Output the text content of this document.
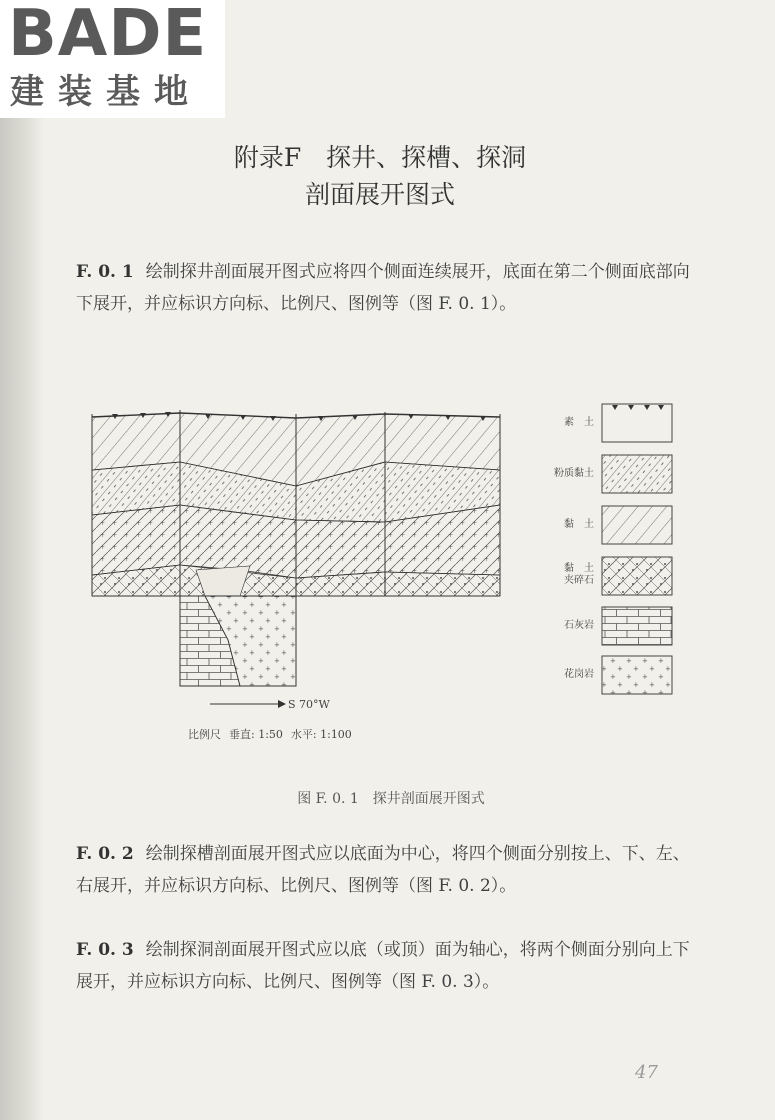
BADE
建装基地
附录F　探井、探槽、探洞
剖面展开图式
F. 0. 1 绘制探井剖面展开图式应将四个侧面连续展开，底面在第二个侧面底部向下展开，并应标识方向标、比例尺、图例等（图 F. 0. 1）。
素　土
粉质黏土
黏　土
黏　土
夹碎石
石灰岩
花岗岩
S 70°W
比例尺 垂直: 1:50 水平: 1:100
图 F. 0. 1　探井剖面展开图式
F. 0. 2 绘制探槽剖面展开图式应以底面为中心，将四个侧面分别按上、下、左、右展开，并应标识方向标、比例尺、图例等（图 F. 0. 2）。
F. 0. 3 绘制探洞剖面展开图式应以底（或顶）面为轴心，将两个侧面分别向上下展开，并应标识方向标、比例尺、图例等（图 F. 0. 3）。
47
